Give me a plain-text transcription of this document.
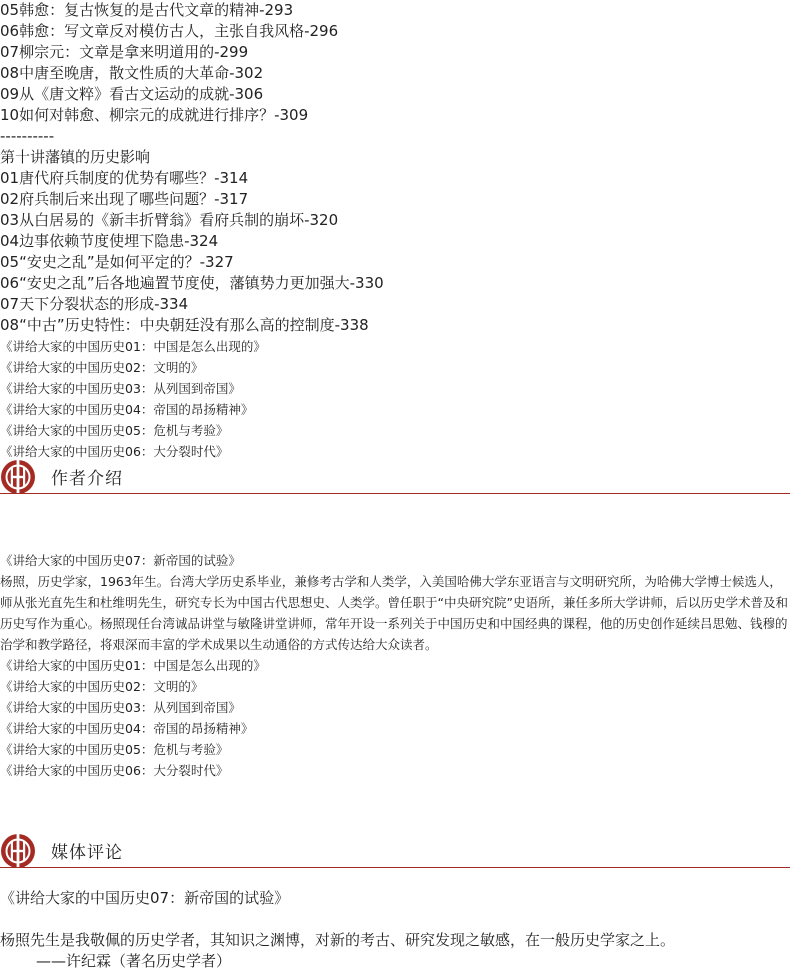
05韩愈：复古恢复的是古代文章的精神-293
06韩愈：写文章反对模仿古人，主张自我风格-296
07柳宗元：文章是拿来明道用的-299
08中唐至晚唐，散文性质的大革命-302
09从《唐文粹》看古文运动的成就-306
10如何对韩愈、柳宗元的成就进行排序？-309
----------
第十讲藩镇的历史影响
01唐代府兵制度的优势有哪些？-314
02府兵制后来出现了哪些问题？-317
03从白居易的《新丰折臂翁》看府兵制的崩坏-320
04边事依赖节度使埋下隐患-324
05“安史之乱”是如何平定的？-327
06“安史之乱”后各地遍置节度使，藩镇势力更加强大-330
07天下分裂状态的形成-334
08“中古”历史特性：中央朝廷没有那么高的控制度-338
《讲给大家的中国历史01：中国是怎么出现的》
《讲给大家的中国历史02：文明的》
《讲给大家的中国历史03：从列国到帝国》
《讲给大家的中国历史04：帝国的昂扬精神》
《讲给大家的中国历史05：危机与考验》
《讲给大家的中国历史06：大分裂时代》
作者介绍
《讲给大家的中国历史07：新帝国的试验》
杨照，历史学家，1963年生。台湾大学历史系毕业，兼修考古学和人类学，入美国哈佛大学东亚语言与文明研究所，为哈佛大学博士候选人，师从张光直先生和杜维明先生，研究专长为中国古代思想史、人类学。曾任职于“中央研究院”史语所，兼任多所大学讲师，后以历史学术普及和历史写作为重心。杨照现任台湾诚品讲堂与敏隆讲堂讲师，常年开设一系列关于中国历史和中国经典的课程，他的历史创作延续吕思勉、钱穆的治学和教学路径，将艰深而丰富的学术成果以生动通俗的方式传达给大众读者。
《讲给大家的中国历史01：中国是怎么出现的》
《讲给大家的中国历史02：文明的》
《讲给大家的中国历史03：从列国到帝国》
《讲给大家的中国历史04：帝国的昂扬精神》
《讲给大家的中国历史05：危机与考验》
《讲给大家的中国历史06：大分裂时代》
媒体评论
《讲给大家的中国历史07：新帝国的试验》
杨照先生是我敬佩的历史学者，其知识之渊博，对新的考古、研究发现之敏感，在一般历史学家之上。
——许纪霖（著名历史学者）
